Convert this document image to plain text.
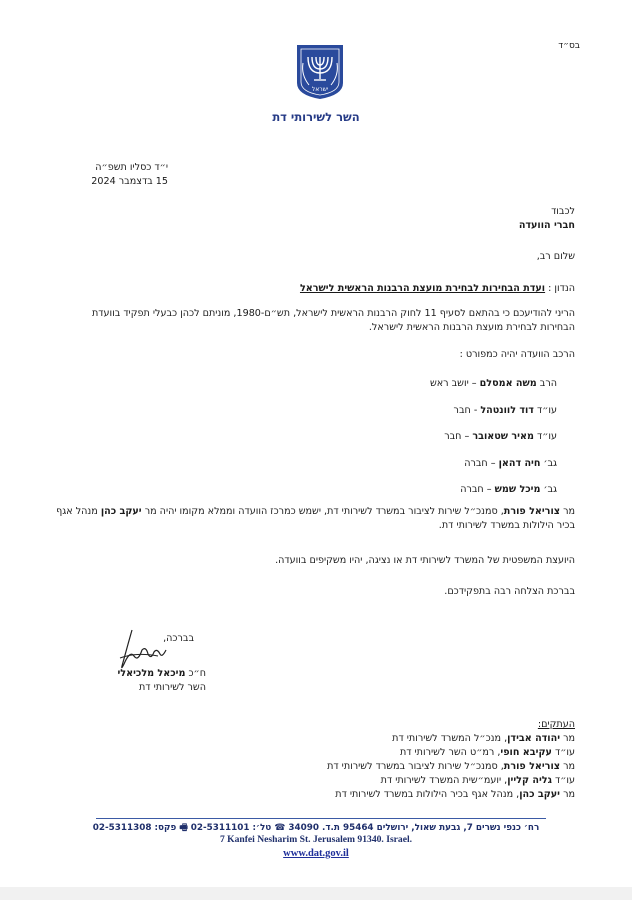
בס״ד
ישראל
השר לשירותי דת
י״ד כסליו תשפ״ה
15 בדצמבר 2024
לכבוד
חברי הוועדה
שלום רב,
הנדון : ועדת הבחירות לבחירת מועצת הרבנות הראשית לישראל
הריני להודיעכם כי בהתאם לסעיף 11 לחוק הרבנות הראשית לישראל, תש״ם-1980, מוניתם לכהן כבעלי תפקיד בוועדת הבחירות לבחירת מועצת הרבנות הראשית לישראל.
הרכב הוועדה יהיה כמפורט :
הרב משה אמסלם – יושב ראש
עו״ד דוד לוונטהל - חבר
עו״ד מאיר שטאובר – חבר
גב׳ חיה דהאן – חברה
גב׳ מיכל שמש – חברה
מר צוריאל פורת, סמנכ״ל שירות לציבור במשרד לשירותי דת, ישמש כמרכז הוועדה וממלא מקומו יהיה מר יעקב כהן מנהל אגף בכיר הילולות במשרד לשירותי דת.
היועצת המשפטית של המשרד לשירותי דת או נציגה, יהיו משקיפים בוועדה.
בברכת הצלחה רבה בתפקידכם.
בברכה,
ח״כ מיכאל מלכיאלי
השר לשירותי דת
העתקים:
מר יהודה אבידן, מנכ״ל המשרד לשירותי דת
עו״ד עקיבא חופי, רמ״ט השר לשירותי דת
מר צוריאל פורת, סמנכ״ל שירות לציבור במשרד לשירותי דת
עו״ד גליה קליין, יועמ״שית המשרד לשירותי דת
מר יעקב כהן, מנהל אגף בכיר הילולות במשרד לשירותי דת
רח׳ כנפי נשרים 7, גבעת שאול, ירושלים 95464 ת.ד. 34090 ☎ טל׳: 02-5311101 🖷 פקס: 02-5311308
7 Kanfei Nesharim St. Jerusalem 91340. Israel.
www.dat.gov.il
